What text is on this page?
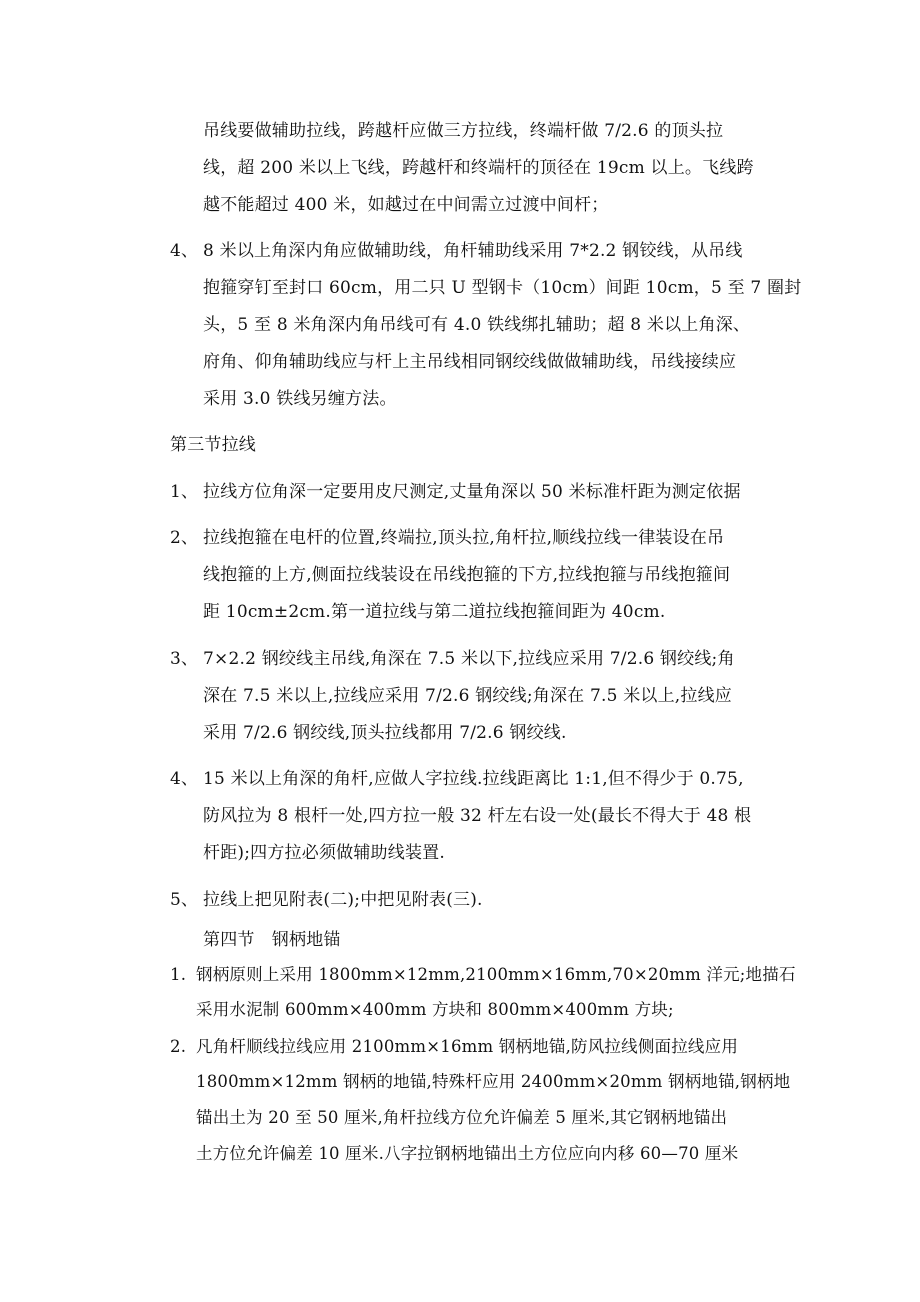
吊线要做辅助拉线，跨越杆应做三方拉线，终端杆做 7/2.6 的顶头拉
线，超 200 米以上飞线，跨越杆和终端杆的顶径在 19cm 以上。飞线跨
越不能超过 400 米，如越过在中间需立过渡中间杆；
4、 8 米以上角深内角应做辅助线，角杆辅助线采用 7*2.2 钢铰线，从吊线
抱箍穿钉至封口 60cm，用二只 U 型钢卡（10cm）间距 10cm，5 至 7 圈封
头，5 至 8 米角深内角吊线可有 4.0 铁线绑扎辅助；超 8 米以上角深、
府角、仰角辅助线应与杆上主吊线相同钢绞线做做辅助线，吊线接续应
采用 3.0 铁线另缠方法。
第三节拉线
1、 拉线方位角深一定要用皮尺测定,丈量角深以 50 米标准杆距为测定依据
2、 拉线抱箍在电杆的位置,终端拉,顶头拉,角杆拉,顺线拉线一律装设在吊
线抱箍的上方,侧面拉线装设在吊线抱箍的下方,拉线抱箍与吊线抱箍间
距 10cm±2cm.第一道拉线与第二道拉线抱箍间距为 40cm.
3、 7×2.2 钢绞线主吊线,角深在 7.5 米以下,拉线应采用 7/2.6 钢绞线;角
深在 7.5 米以上,拉线应采用 7/2.6 钢绞线;角深在 7.5 米以上,拉线应
采用 7/2.6 钢绞线,顶头拉线都用 7/2.6 钢绞线.
4、 15 米以上角深的角杆,应做人字拉线.拉线距离比 1:1,但不得少于 0.75,
防风拉为 8 根杆一处,四方拉一般 32 杆左右设一处(最长不得大于 48 根
杆距);四方拉必须做辅助线装置.
5、 拉线上把见附表(二);中把见附表(三).
第四节　钢柄地锚
1. 钢柄原则上采用 1800mm×12mm,2100mm×16mm,70×20mm 洋元;地描石
采用水泥制 600mm×400mm 方块和 800mm×400mm 方块;
2. 凡角杆顺线拉线应用 2100mm×16mm 钢柄地锚,防风拉线侧面拉线应用
1800mm×12mm 钢柄的地锚,特殊杆应用 2400mm×20mm 钢柄地锚,钢柄地
锚出土为 20 至 50 厘米,角杆拉线方位允许偏差 5 厘米,其它钢柄地锚出
土方位允许偏差 10 厘米.八字拉钢柄地锚出土方位应向内移 60—70 厘米
